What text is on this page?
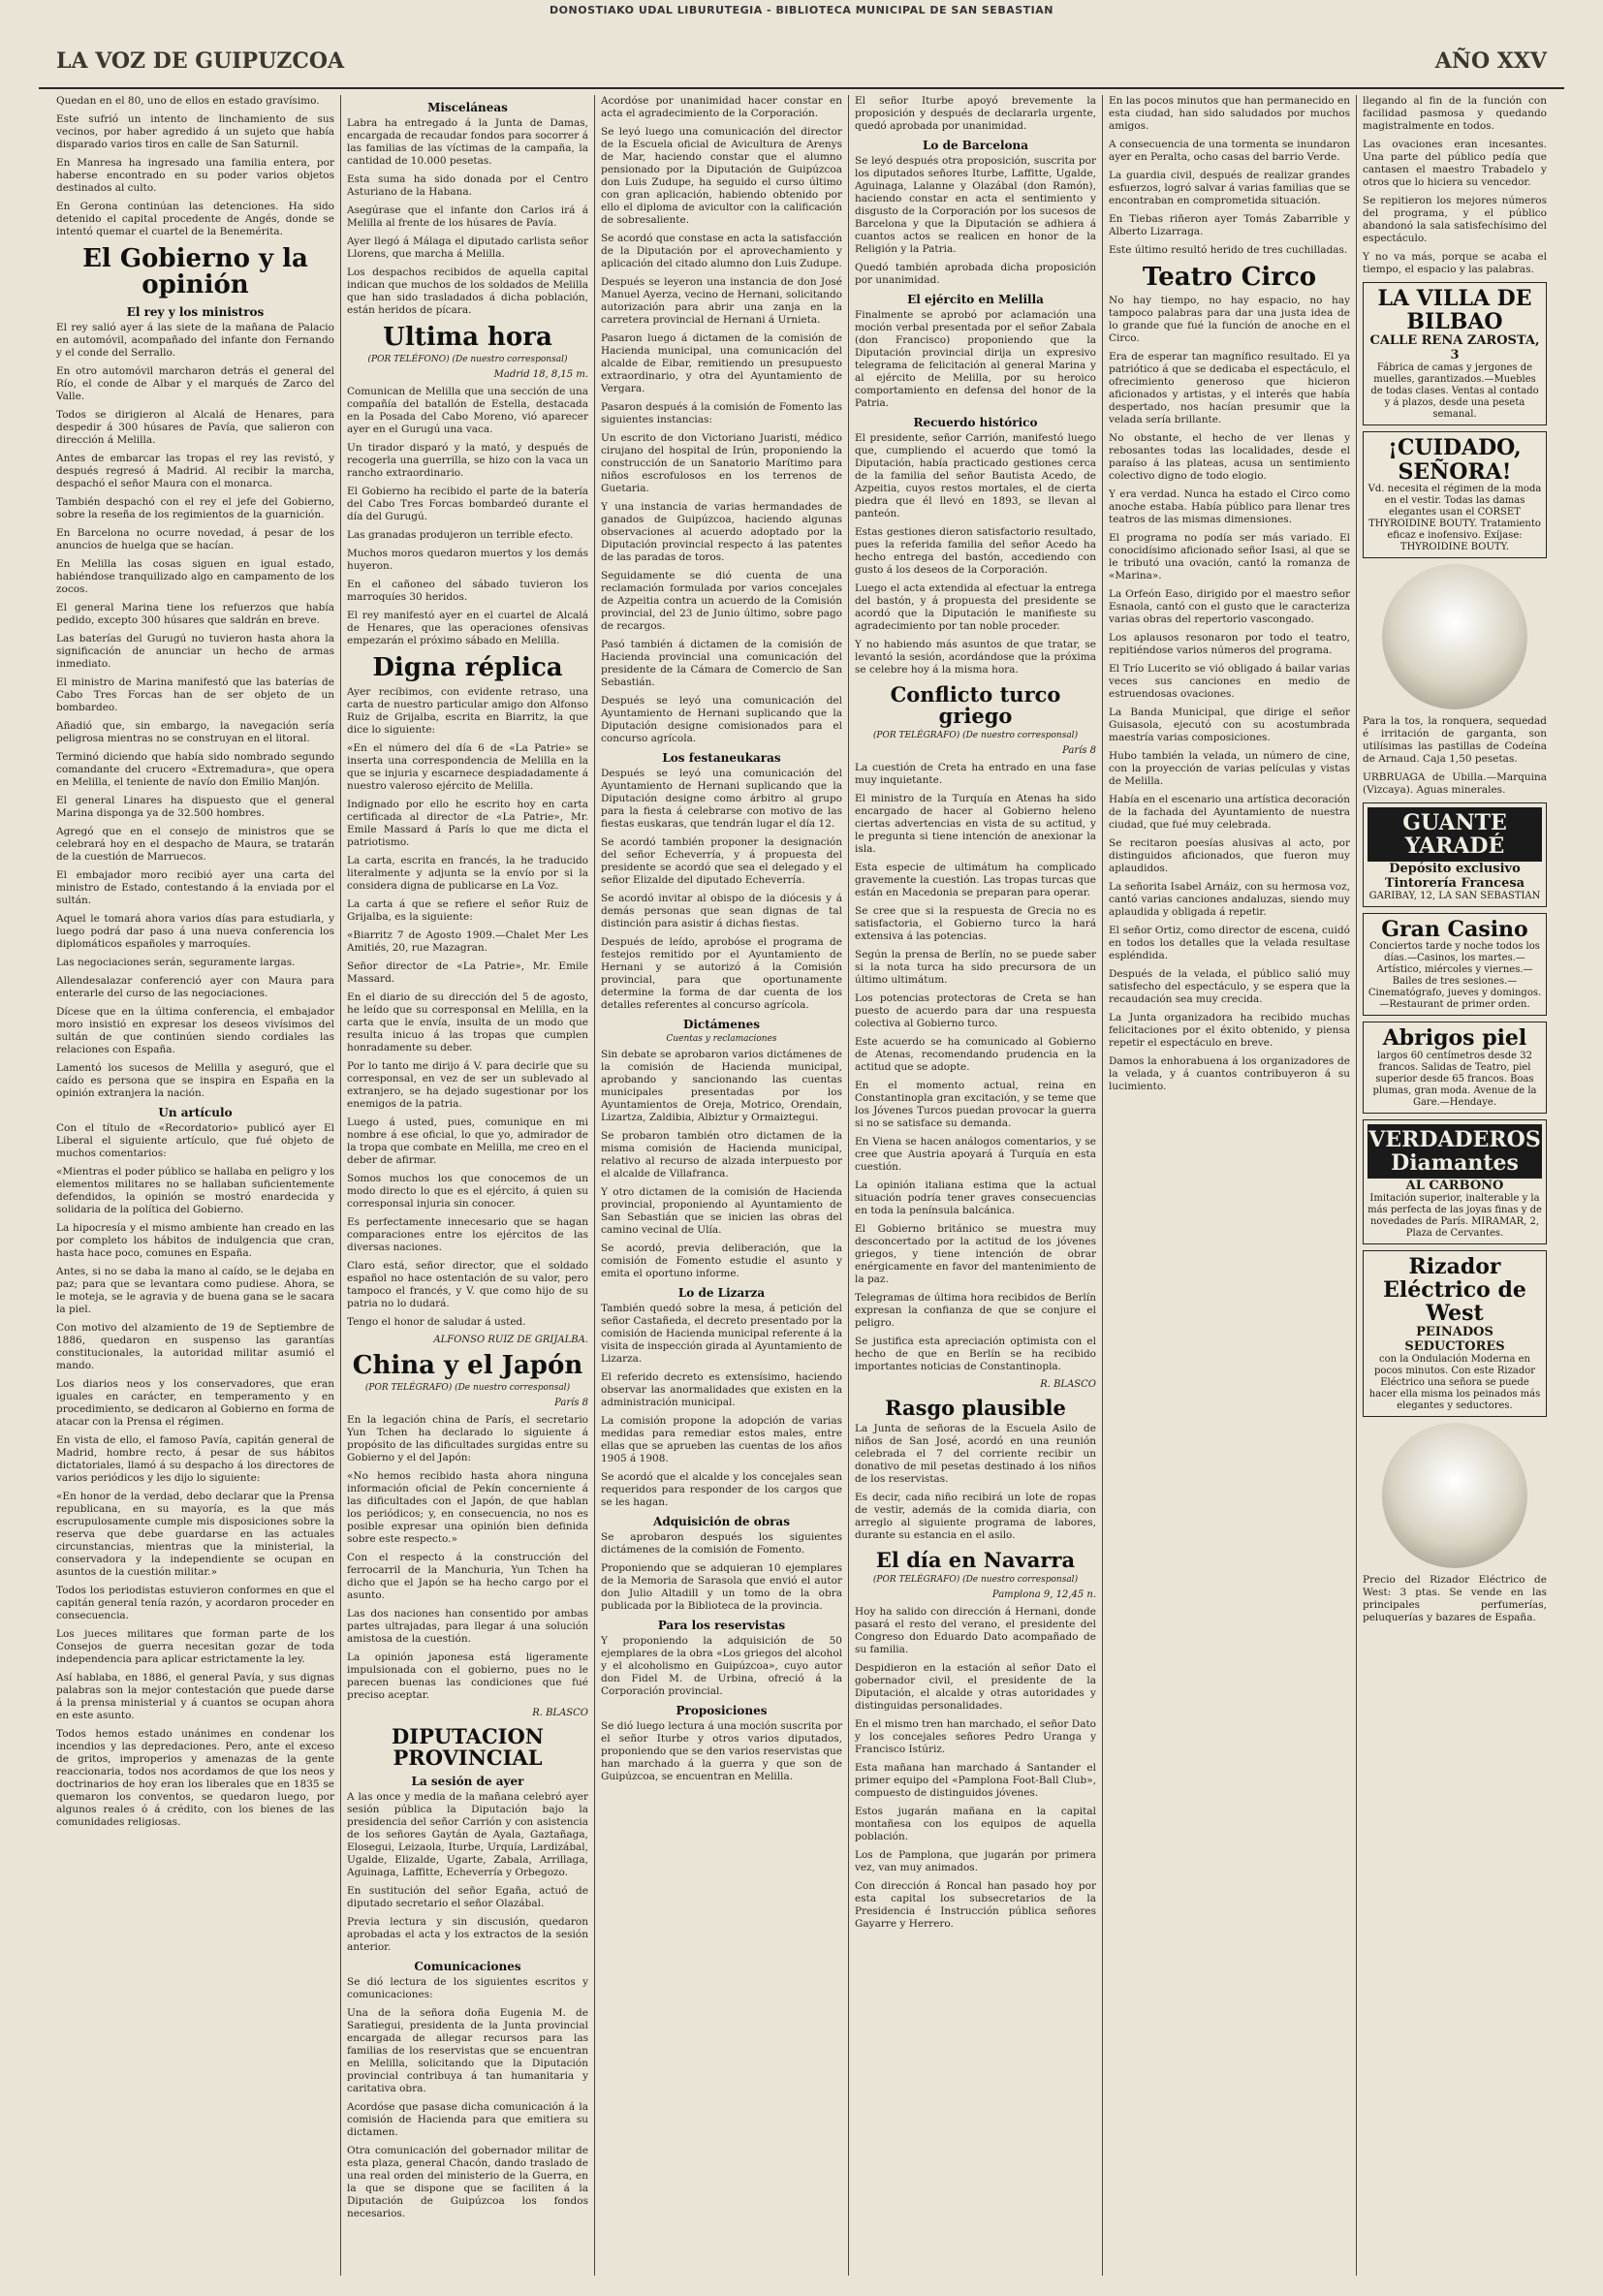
DONOSTIAKO UDAL LIBURUTEGIA - BIBLIOTECA MUNICIPAL DE SAN SEBASTIAN
LA VOZ DE GUIPUZCOA	AÑO XXV

Quedan en el 80, uno de ellos en estado gravísimo.

Este sufrió un intento de linchamiento de sus vecinos, por haber agredido á un sujeto que había disparado varios tiros en calle de San Saturnil.

En Manresa ha ingresado una familia entera, por haberse encontrado en su poder varios objetos destinados al culto.

En Gerona continúan las detenciones. Ha sido detenido el capital procedente de Angés, donde se intentó quemar el cuartel de la Benemérita.

El Gobierno y la opinión
El rey y los ministros

El rey salió ayer á las siete de la mañana de Palacio en automóvil, acompañado del infante don Fernando y el conde del Serrallo.

En otro automóvil marcharon detrás el general del Río, el conde de Albar y el marqués de Zarco del Valle.

Todos se dirigieron al Alcalá de Henares, para despedir á 300 húsares de Pavía, que salieron con dirección á Melilla.

Antes de embarcar las tropas el rey las revistó, y después regresó á Madrid. Al recibir la marcha, despachó el señor Maura con el monarca.

También despachó con el rey el jefe del Gobierno, sobre la reseña de los regimientos de la guarnición.

En Barcelona no ocurre novedad, á pesar de los anuncios de huelga que se hacían.

En Melilla las cosas siguen en igual estado, habiéndose tranquilizado algo en campamento de los zocos.

El general Marina tiene los refuerzos que había pedido, excepto 300 húsares que saldrán en breve.

Las baterías del Gurugú no tuvieron hasta ahora la significación de anunciar un hecho de armas inmediato.

El ministro de Marina manifestó que las baterías de Cabo Tres Forcas han de ser objeto de un bombardeo.

Añadió que, sin embargo, la navegación sería peligrosa mientras no se construyan en el litoral.

Terminó diciendo que había sido nombrado segundo comandante del crucero «Extremadura», que opera en Melilla, el teniente de navío don Emilio Manjón.

El general Linares ha dispuesto que el general Marina disponga ya de 32.500 hombres.

Agregó que en el consejo de ministros que se celebrará hoy en el despacho de Maura, se tratarán de la cuestión de Marruecos.

El embajador moro recibió ayer una carta del ministro de Estado, contestando á la enviada por el sultán.

Aquel le tomará ahora varios días para estudiarla, y luego podrá dar paso á una nueva conferencia los diplomáticos españoles y marroquíes.

Las negociaciones serán, seguramente largas.

Allendesalazar conferenció ayer con Maura para enterarle del curso de las negociaciones.

Dícese que en la última conferencia, el embajador moro insistió en expresar los deseos vivísimos del sultán de que continúen siendo cordiales las relaciones con España.

Lamentó los sucesos de Melilla y aseguró, que el caído es persona que se inspira en España en la opinión extranjera la nación.

Un artículo

Con el título de «Recordatorio» publicó ayer El Liberal el siguiente artículo, que fué objeto de muchos comentarios:

«Mientras el poder público se hallaba en peligro y los elementos militares no se hallaban suficientemente defendidos, la opinión se mostró enardecida y solidaria de la política del Gobierno.

La hipocresía y el mismo ambiente han creado en las por completo los hábitos de indulgencia que cran, hasta hace poco, comunes en España.

Antes, si no se daba la mano al caído, se le dejaba en paz; para que se levantara como pudiese. Ahora, se le moteja, se le agravia y de buena gana se le sacara la piel.

Con motivo del alzamiento de 19 de Septiembre de 1886, quedaron en suspenso las garantías constitucionales, la autoridad militar asumió el mando.

Los diarios neos y los conservadores, que eran iguales en carácter, en temperamento y en procedimiento, se dedicaron al Gobierno en forma de atacar con la Prensa el régimen.

En vista de ello, el famoso Pavía, capitán general de Madrid, hombre recto, á pesar de sus hábitos dictatoriales, llamó á su despacho á los directores de varios periódicos y les dijo lo siguiente:

«En honor de la verdad, debo declarar que la Prensa republicana, en su mayoría, es la que más escrupulosamente cumple mis disposiciones sobre la reserva que debe guardarse en las actuales circunstancias, mientras que la ministerial, la conservadora y la independiente se ocupan en asuntos de la cuestión militar.»

Todos los periodistas estuvieron conformes en que el capitán general tenía razón, y acordaron proceder en consecuencia.

Los jueces militares que forman parte de los Consejos de guerra necesitan gozar de toda independencia para aplicar estrictamente la ley.

Así hablaba, en 1886, el general Pavía, y sus dignas palabras son la mejor contestación que puede darse á la prensa ministerial y á cuantos se ocupan ahora en este asunto.

Todos hemos estado unánimes en condenar los incendios y las depredaciones. Pero, ante el exceso de gritos, improperios y amenazas de la gente reaccionaria, todos nos acordamos de que los neos y doctrinarios de hoy eran los liberales que en 1835 se quemaron los conventos, se quedaron luego, por algunos reales ó á crédito, con los bienes de las comunidades religiosas.

Misceláneas

Labra ha entregado á la Junta de Damas, encargada de recaudar fondos para socorrer á las familias de las víctimas de la campaña, la cantidad de 10.000 pesetas.

Esta suma ha sido donada por el Centro Asturiano de la Habana.

Asegúrase que el infante don Carlos irá á Melilla al frente de los húsares de Pavía.

Ayer llegó á Málaga el diputado carlista señor Llorens, que marcha á Melilla.

Los despachos recibidos de aquella capital indican que muchos de los soldados de Melilla que han sido trasladados á dicha población, están heridos de pícara.

Ultima hora
(POR TELÉFONO) (De nuestro corresponsal)
Madrid 18, 8,15 m.

Comunican de Melilla que una sección de una compañía del batallón de Estella, destacada en la Posada del Cabo Moreno, vió aparecer ayer en el Gurugú una vaca.

Un tirador disparó y la mató, y después de recogerla una guerrilla, se hizo con la vaca un rancho extraordinario.

El Gobierno ha recibido el parte de la batería del Cabo Tres Forcas bombardeó durante el día del Gurugú.

Las granadas produjeron un terrible efecto.

Muchos moros quedaron muertos y los demás huyeron.

En el cañoneo del sábado tuvieron los marroquíes 30 heridos.

El rey manifestó ayer en el cuartel de Alcalá de Henares, que las operaciones ofensivas empezarán el próximo sábado en Melilla.

Digna réplica

Ayer recibimos, con evidente retraso, una carta de nuestro particular amigo don Alfonso Ruiz de Grijalba, escrita en Biarritz, la que dice lo siguiente:

«En el número del día 6 de «La Patrie» se inserta una correspondencia de Melilla en la que se injuria y escarnece despiadadamente á nuestro valeroso ejército de Melilla.

Indignado por ello he escrito hoy en carta certificada al director de «La Patrie», Mr. Emile Massard á París lo que me dicta el patriotismo.

La carta, escrita en francés, la he traducido literalmente y adjunta se la envío por si la considera digna de publicarse en La Voz.

La carta á que se refiere el señor Ruiz de Grijalba, es la siguiente:

«Biarritz 7 de Agosto 1909.—Chalet Mer Les Amitiés, 20, rue Mazagran.

Señor director de «La Patrie», Mr. Emile Massard.

En el diario de su dirección del 5 de agosto, he leído que su corresponsal en Melilla, en la carta que le envía, insulta de un modo que resulta inicuo á las tropas que cumplen honradamente su deber.

Por lo tanto me dirijo á V. para decirle que su corresponsal, en vez de ser un sublevado al extranjero, se ha dejado sugestionar por los enemigos de la patria.

Luego á usted, pues, comunique en mi nombre á ese oficial, lo que yo, admirador de la tropa que combate en Melilla, me creo en el deber de afirmar.

Somos muchos los que conocemos de un modo directo lo que es el ejército, á quien su corresponsal injuria sin conocer.

Es perfectamente innecesario que se hagan comparaciones entre los ejércitos de las diversas naciones.

Claro está, señor director, que el soldado español no hace ostentación de su valor, pero tampoco el francés, y V. que como hijo de su patria no lo dudará.

Tengo el honor de saludar á usted.

ALFONSO RUIZ DE GRIJALBA.
China y el Japón
(POR TELÉGRAFO) (De nuestro corresponsal)
París 8

En la legación china de París, el secretario Yun Tchen ha declarado lo siguiente á propósito de las dificultades surgidas entre su Gobierno y el del Japón:

«No hemos recibido hasta ahora ninguna información oficial de Pekín concerniente á las dificultades con el Japón, de que hablan los periódicos; y, en consecuencia, no nos es posible expresar una opinión bien definida sobre este respecto.»

Con el respecto á la construcción del ferrocarril de la Manchuria, Yun Tchen ha dicho que el Japón se ha hecho cargo por el asunto.

Las dos naciones han consentido por ambas partes ultrajadas, para llegar á una solución amistosa de la cuestión.

La opinión japonesa está ligeramente impulsionada con el gobierno, pues no le parecen buenas las condiciones que fué preciso aceptar.

R. BLASCO
DIPUTACION PROVINCIAL
La sesión de ayer

A las once y media de la mañana celebró ayer sesión pública la Diputación bajo la presidencia del señor Carrión y con asistencia de los señores Gaytán de Ayala, Gaztañaga, Elosegui, Leizaola, Iturbe, Urquía, Lardizábal, Ugalde, Elizalde, Ugarte, Zabala, Arrillaga, Aguinaga, Laffitte, Echeverría y Orbegozo.

En sustitución del señor Egaña, actuó de diputado secretario el señor Olazábal.

Previa lectura y sin discusión, quedaron aprobadas el acta y los extractos de la sesión anterior.

Comunicaciones

Se dió lectura de los siguientes escritos y comunicaciones:

Una de la señora doña Eugenia M. de Saratiegui, presidenta de la Junta provincial encargada de allegar recursos para las familias de los reservistas que se encuentran en Melilla, solicitando que la Diputación provincial contribuya á tan humanitaria y caritativa obra.

Acordóse que pasase dicha comunicación á la comisión de Hacienda para que emitiera su dictamen.

Otra comunicación del gobernador militar de esta plaza, general Chacón, dando traslado de una real orden del ministerio de la Guerra, en la que se dispone que se faciliten á la Diputación de Guipúzcoa los fondos necesarios.

Acordóse por unanimidad hacer constar en acta el agradecimiento de la Corporación.

Se leyó luego una comunicación del director de la Escuela oficial de Avicultura de Arenys de Mar, haciendo constar que el alumno pensionado por la Diputación de Guipúzcoa don Luis Zudupe, ha seguido el curso último con gran aplicación, habiendo obtenido por ello el diploma de avicultor con la calificación de sobresaliente.

Se acordó que constase en acta la satisfacción de la Diputación por el aprovechamiento y aplicación del citado alumno don Luis Zudupe.

Después se leyeron una instancia de don José Manuel Ayerza, vecino de Hernani, solicitando autorización para abrir una zanja en la carretera provincial de Hernani á Urnieta.

Pasaron luego á dictamen de la comisión de Hacienda municipal, una comunicación del alcalde de Eibar, remitiendo un presupuesto extraordinario, y otra del Ayuntamiento de Vergara.

Pasaron después á la comisión de Fomento las siguientes instancias:

Un escrito de don Victoriano Juaristi, médico cirujano del hospital de Irún, proponiendo la construcción de un Sanatorio Marítimo para niños escrofulosos en los terrenos de Guetaria.

Y una instancia de varias hermandades de ganados de Guipúzcoa, haciendo algunas observaciones al acuerdo adoptado por la Diputación provincial respecto á las patentes de las paradas de toros.

Seguidamente se dió cuenta de una reclamación formulada por varios concejales de Azpeitia contra un acuerdo de la Comisión provincial, del 23 de Junio último, sobre pago de recargos.

Pasó también á dictamen de la comisión de Hacienda provincial una comunicación del presidente de la Cámara de Comercio de San Sebastián.

Después se leyó una comunicación del Ayuntamiento de Hernani suplicando que la Diputación designe comisionados para el concurso agrícola.

Los festaneukaras

Después se leyó una comunicación del Ayuntamiento de Hernani suplicando que la Diputación designe como árbitro al grupo para la fiesta á celebrarse con motivo de las fiestas euskaras, que tendrán lugar el día 12.

Se acordó también proponer la designación del señor Echeverría, y á propuesta del presidente se acordó que sea el delegado y el señor Elizalde del diputado Echeverría.

Se acordó invitar al obispo de la diócesis y á demás personas que sean dignas de tal distinción para asistir á dichas fiestas.

Después de leído, aprobóse el programa de festejos remitido por el Ayuntamiento de Hernani y se autorizó á la Comisión provincial, para que oportunamente determine la forma de dar cuenta de los detalles referentes al concurso agrícola.

Dictámenes
Cuentas y reclamaciones

Sin debate se aprobaron varios dictámenes de la comisión de Hacienda municipal, aprobando y sancionando las cuentas municipales presentadas por los Ayuntamientos de Oreja, Motrico, Orendain, Lizartza, Zaldibia, Albiztur y Ormaiztegui.

Se probaron también otro dictamen de la misma comisión de Hacienda municipal, relativo al recurso de alzada interpuesto por el alcalde de Villafranca.

Y otro dictamen de la comisión de Hacienda provincial, proponiendo al Ayuntamiento de San Sebastián que se inicien las obras del camino vecinal de Ulía.

Se acordó, previa deliberación, que la comisión de Fomento estudie el asunto y emita el oportuno informe.

Lo de Lizarza

También quedó sobre la mesa, á petición del señor Castañeda, el decreto presentado por la comisión de Hacienda municipal referente á la visita de inspección girada al Ayuntamiento de Lizarza.

El referido decreto es extensísimo, haciendo observar las anormalidades que existen en la administración municipal.

La comisión propone la adopción de varias medidas para remediar estos males, entre ellas que se aprueben las cuentas de los años 1905 á 1908.

Se acordó que el alcalde y los concejales sean requeridos para responder de los cargos que se les hagan.

Adquisición de obras

Se aprobaron después los siguientes dictámenes de la comisión de Fomento.

Proponiendo que se adquieran 10 ejemplares de la Memoria de Sarasola que envió el autor don Julio Altadill y un tomo de la obra publicada por la Biblioteca de la provincia.

Para los reservistas

Y proponiendo la adquisición de 50 ejemplares de la obra «Los griegos del alcohol y el alcoholismo en Guipúzcoa», cuyo autor don Fidel M. de Urbina, ofreció á la Corporación provincial.

Proposiciones

Se dió luego lectura á una moción suscrita por el señor Iturbe y otros varios diputados, proponiendo que se den varios reservistas que han marchado á la guerra y que son de Guipúzcoa, se encuentran en Melilla.

El señor Iturbe apoyó brevemente la proposición y después de declararla urgente, quedó aprobada por unanimidad.

Lo de Barcelona

Se leyó después otra proposición, suscrita por los diputados señores Iturbe, Laffitte, Ugalde, Aguinaga, Lalanne y Olazábal (don Ramón), haciendo constar en acta el sentimiento y disgusto de la Corporación por los sucesos de Barcelona y que la Diputación se adhiera á cuantos actos se realicen en honor de la Religión y la Patria.

Quedó también aprobada dicha proposición por unanimidad.

El ejército en Melilla

Finalmente se aprobó por aclamación una moción verbal presentada por el señor Zabala (don Francisco) proponiendo que la Diputación provincial dirija un expresivo telegrama de felicitación al general Marina y al ejército de Melilla, por su heroico comportamiento en defensa del honor de la Patria.

Recuerdo histórico

El presidente, señor Carrión, manifestó luego que, cumpliendo el acuerdo que tomó la Diputación, había practicado gestiones cerca de la familia del señor Bautista Acedo, de Azpeitia, cuyos restos mortales, el de cierta piedra que él llevó en 1893, se llevan al panteón.

Estas gestiones dieron satisfactorio resultado, pues la referida familia del señor Acedo ha hecho entrega del bastón, accediendo con gusto á los deseos de la Corporación.

Luego el acta extendida al efectuar la entrega del bastón, y á propuesta del presidente se acordó que la Diputación le manifieste su agradecimiento por tan noble proceder.

Y no habiendo más asuntos de que tratar, se levantó la sesión, acordándose que la próxima se celebre hoy á la misma hora.

Conflicto turco griego
(POR TELÉGRAFO) (De nuestro corresponsal)
París 8

La cuestión de Creta ha entrado en una fase muy inquietante.

El ministro de la Turquía en Atenas ha sido encargado de hacer al Gobierno heleno ciertas advertencias en vista de su actitud, y le pregunta si tiene intención de anexionar la isla.

Esta especie de ultimátum ha complicado gravemente la cuestión. Las tropas turcas que están en Macedonia se preparan para operar.

Se cree que si la respuesta de Grecia no es satisfactoria, el Gobierno turco la hará extensiva á las potencias.

Según la prensa de Berlín, no se puede saber si la nota turca ha sido precursora de un último ultimátum.

Los potencias protectoras de Creta se han puesto de acuerdo para dar una respuesta colectiva al Gobierno turco.

Este acuerdo se ha comunicado al Gobierno de Atenas, recomendando prudencia en la actitud que se adopte.

En el momento actual, reina en Constantinopla gran excitación, y se teme que los Jóvenes Turcos puedan provocar la guerra si no se satisface su demanda.

En Viena se hacen análogos comentarios, y se cree que Austria apoyará á Turquía en esta cuestión.

La opinión italiana estima que la actual situación podría tener graves consecuencias en toda la península balcánica.

El Gobierno británico se muestra muy desconcertado por la actitud de los jóvenes griegos, y tiene intención de obrar enérgicamente en favor del mantenimiento de la paz.

Telegramas de última hora recibidos de Berlín expresan la confianza de que se conjure el peligro.

Se justifica esta apreciación optimista con el hecho de que en Berlín se ha recibido importantes noticias de Constantinopla.

R. BLASCO
Rasgo plausible

La Junta de señoras de la Escuela Asilo de niños de San José, acordó en una reunión celebrada el 7 del corriente recibir un donativo de mil pesetas destinado á los niños de los reservistas.

Es decir, cada niño recibirá un lote de ropas de vestir, además de la comida diaria, con arreglo al siguiente programa de labores, durante su estancia en el asilo.

El día en Navarra
(POR TELÉGRAFO) (De nuestro corresponsal)
Pamplona 9, 12,45 n.

Hoy ha salido con dirección á Hernani, donde pasará el resto del verano, el presidente del Congreso don Eduardo Dato acompañado de su familia.

Despidieron en la estación al señor Dato el gobernador civil, el presidente de la Diputación, el alcalde y otras autoridades y distinguidas personalidades.

En el mismo tren han marchado, el señor Dato y los concejales señores Pedro Uranga y Francisco Istúriz.

Esta mañana han marchado á Santander el primer equipo del «Pamplona Foot-Ball Club», compuesto de distinguidos jóvenes.

Estos jugarán mañana en la capital montañesa con los equipos de aquella población.

Los de Pamplona, que jugarán por primera vez, van muy animados.

Con dirección á Roncal han pasado hoy por esta capital los subsecretarios de la Presidencia é Instrucción pública señores Gayarre y Herrero.

En las pocos minutos que han permanecido en esta ciudad, han sido saludados por muchos amigos.

A consecuencia de una tormenta se inundaron ayer en Peralta, ocho casas del barrio Verde.

La guardia civil, después de realizar grandes esfuerzos, logró salvar á varias familias que se encontraban en comprometida situación.

En Tiebas riñeron ayer Tomás Zabarrible y Alberto Lizarraga.

Este último resultó herido de tres cuchilladas.

Teatro Circo

No hay tiempo, no hay espacio, no hay tampoco palabras para dar una justa idea de lo grande que fué la función de anoche en el Circo.

Era de esperar tan magnífico resultado. El ya patriótico á que se dedicaba el espectáculo, el ofrecimiento generoso que hicieron aficionados y artistas, y el interés que había despertado, nos hacían presumir que la velada sería brillante.

No obstante, el hecho de ver llenas y rebosantes todas las localidades, desde el paraíso á las plateas, acusa un sentimiento colectivo digno de todo elogio.

Y era verdad. Nunca ha estado el Circo como anoche estaba. Había público para llenar tres teatros de las mismas dimensiones.

El programa no podía ser más variado. El conocidísimo aficionado señor Isasi, al que se le tributó una ovación, cantó la romanza de «Marina».

La Orfeón Easo, dirigido por el maestro señor Esnaola, cantó con el gusto que le caracteriza varias obras del repertorio vascongado.

Los aplausos resonaron por todo el teatro, repitiéndose varios números del programa.

El Trío Lucerito se vió obligado á bailar varias veces sus canciones en medio de estruendosas ovaciones.

La Banda Municipal, que dirige el señor Guisasola, ejecutó con su acostumbrada maestría varias composiciones.

Hubo también la velada, un número de cine, con la proyección de varias películas y vistas de Melilla.

Había en el escenario una artística decoración de la fachada del Ayuntamiento de nuestra ciudad, que fué muy celebrada.

Se recitaron poesías alusivas al acto, por distinguidos aficionados, que fueron muy aplaudidos.

La señorita Isabel Arnáiz, con su hermosa voz, cantó varias canciones andaluzas, siendo muy aplaudida y obligada á repetir.

El señor Ortiz, como director de escena, cuidó en todos los detalles que la velada resultase espléndida.

Después de la velada, el público salió muy satisfecho del espectáculo, y se espera que la recaudación sea muy crecida.

La Junta organizadora ha recibido muchas felicitaciones por el éxito obtenido, y piensa repetir el espectáculo en breve.

Damos la enhorabuena á los organizadores de la velada, y á cuantos contribuyeron á su lucimiento.

llegando al fin de la función con facilidad pasmosa y quedando magistralmente en todos.

Las ovaciones eran incesantes. Una parte del público pedía que cantasen el maestro Trabadelo y otros que lo hiciera su vencedor.

Se repitieron los mejores números del programa, y el público abandonó la sala satisfechísimo del espectáculo.

Y no va más, porque se acaba el tiempo, el espacio y las palabras.

LA VILLA DE BILBAO
CALLE RENA ZAROSTA, 3
Fábrica de camas y jergones de muelles, garantizados.—Muebles de todas clases. Ventas al contado y á plazos, desde una peseta semanal.
¡CUIDADO, SEÑORA!
Vd. necesita el régimen de la moda en el vestir. Todas las damas elegantes usan el CORSET THYROIDINE BOUTY. Tratamiento eficaz e inofensivo. Exíjase: THYROIDINE BOUTY.

Para la tos, la ronquera, sequedad é irritación de garganta, son utilísimas las pastillas de Codeína de Arnaud. Caja 1,50 pesetas.

URBRUAGA de Ubilla.—Marquina (Vizcaya). Aguas minerales.

GUANTE YARADÉ
Depósito exclusivo Tintorería Francesa
GARIBAY, 12, LA SAN SEBASTIAN
Gran Casino
Conciertos tarde y noche todos los días.—Casinos, los martes.—Artístico, miércoles y viernes.—Bailes de tres sesiones.—Cinematógrafo, jueves y domingos.—Restaurant de primer orden.
Abrigos piel
largos 60 centímetros desde 32 francos. Salidas de Teatro, piel superior desde 65 francos. Boas plumas, gran moda. Avenue de la Gare.—Hendaye.
VERDADEROS Diamantes
AL CARBONO
Imitación superior, inalterable y la más perfecta de las joyas finas y de novedades de París. MIRAMAR, 2, Plaza de Cervantes.
Rizador Eléctrico de West
PEINADOS SEDUCTORES
con la Ondulación Moderna en pocos minutos. Con este Rizador Eléctrico una señora se puede hacer ella misma los peinados más elegantes y seductores.

Precio del Rizador Eléctrico de West: 3 ptas. Se vende en las principales perfumerías, peluquerías y bazares de España.
